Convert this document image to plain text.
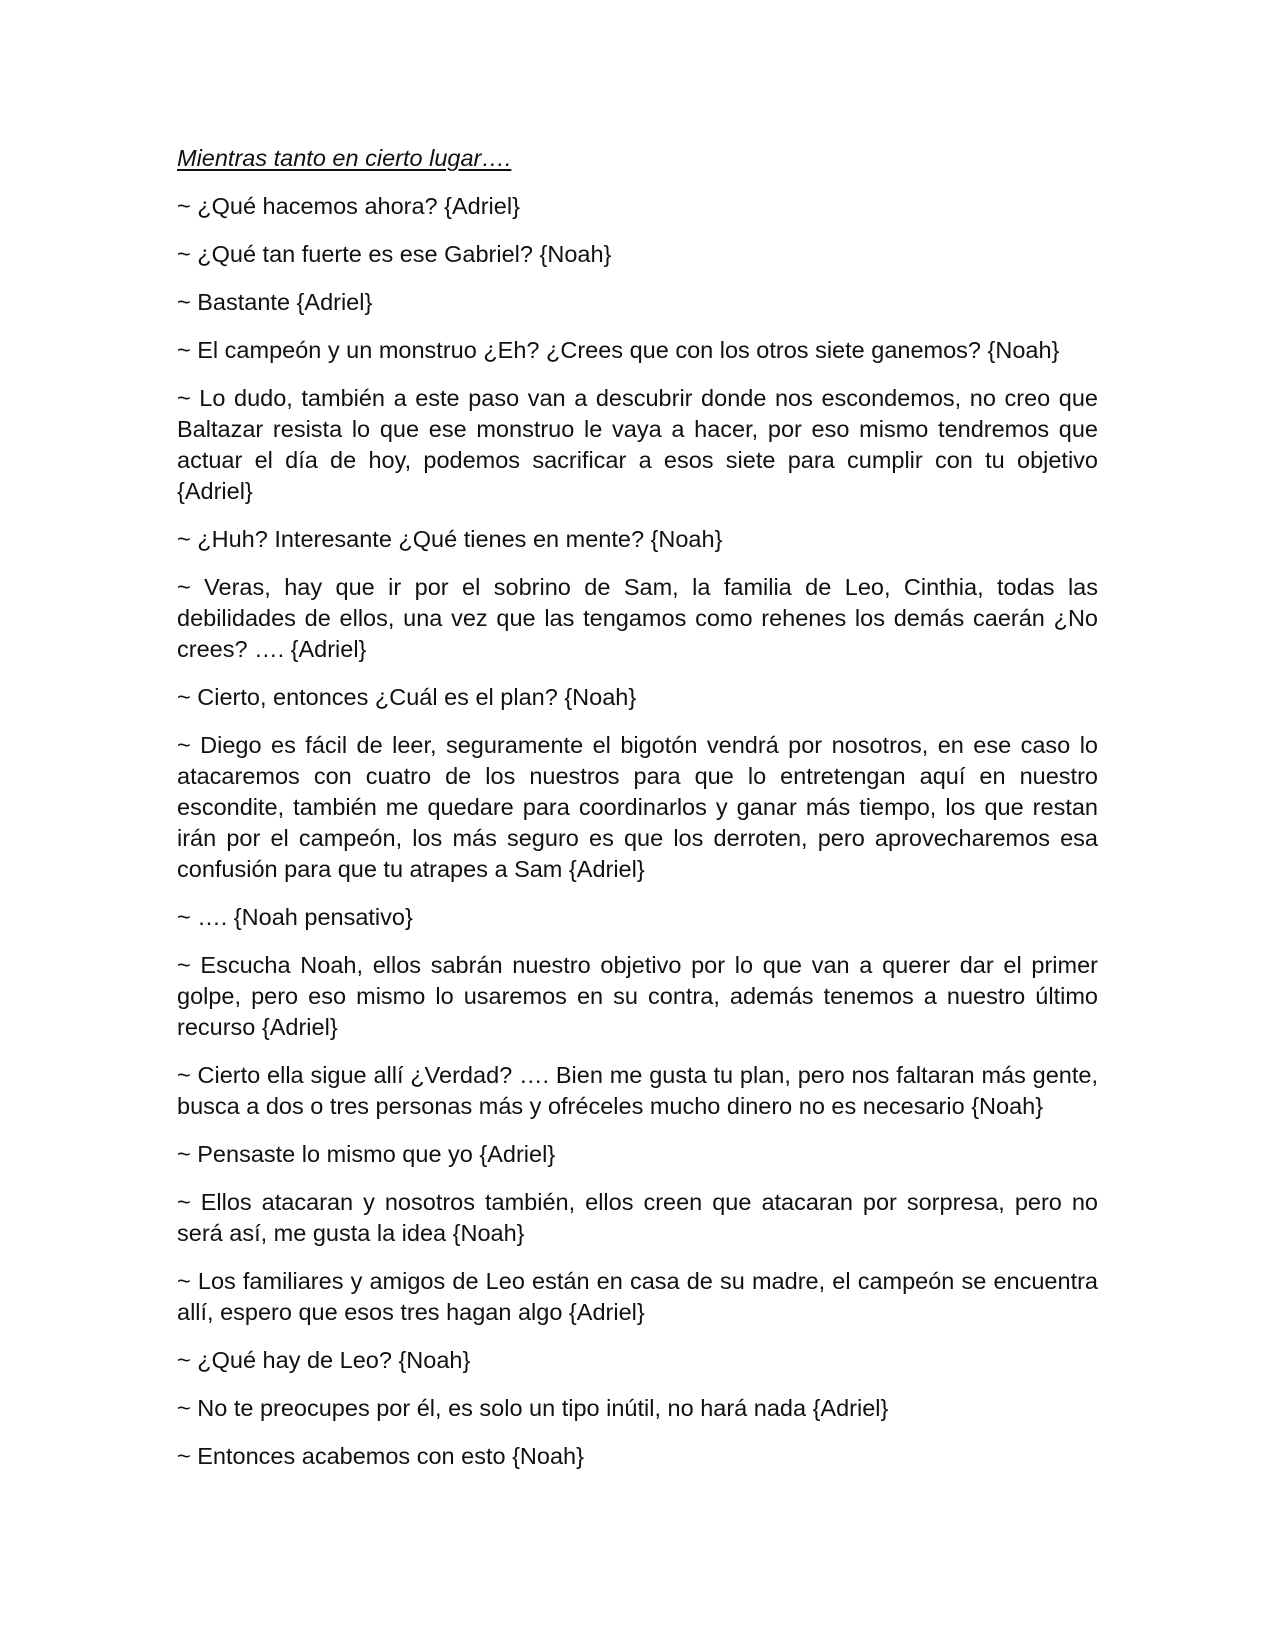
Mientras tanto en cierto lugar….

~ ¿Qué hacemos ahora? {Adriel}

~ ¿Qué tan fuerte es ese Gabriel? {Noah}

~ Bastante {Adriel}

~ El campeón y un monstruo ¿Eh? ¿Crees que con los otros siete ganemos? {Noah}

~ Lo dudo, también a este paso van a descubrir donde nos escondemos, no creo que Baltazar resista lo que ese monstruo le vaya a hacer, por eso mismo tendremos que actuar el día de hoy, podemos sacrificar a esos siete para cumplir con tu objetivo {Adriel}

~ ¿Huh? Interesante ¿Qué tienes en mente? {Noah}

~ Veras, hay que ir por el sobrino de Sam, la familia de Leo, Cinthia, todas las debilidades de ellos, una vez que las tengamos como rehenes los demás caerán ¿No crees? …. {Adriel}

~ Cierto, entonces ¿Cuál es el plan? {Noah}

~ Diego es fácil de leer, seguramente el bigotón vendrá por nosotros, en ese caso lo atacaremos con cuatro de los nuestros para que lo entretengan aquí en nuestro escondite, también me quedare para coordinarlos y ganar más tiempo, los que restan irán por el campeón, los más seguro es que los derroten, pero aprovecharemos esa confusión para que tu atrapes a Sam {Adriel}

~ …. {Noah pensativo}

~ Escucha Noah, ellos sabrán nuestro objetivo por lo que van a querer dar el primer golpe, pero eso mismo lo usaremos en su contra, además tenemos a nuestro último recurso {Adriel}

~ Cierto ella sigue allí ¿Verdad? …. Bien me gusta tu plan, pero nos faltaran más gente, busca a dos o tres personas más y ofréceles mucho dinero no es necesario {Noah}

~ Pensaste lo mismo que yo {Adriel}

~ Ellos atacaran y nosotros también, ellos creen que atacaran por sorpresa, pero no será así, me gusta la idea {Noah}

~ Los familiares y amigos de Leo están en casa de su madre, el campeón se encuentra allí, espero que esos tres hagan algo {Adriel}

~ ¿Qué hay de Leo? {Noah}

~ No te preocupes por él, es solo un tipo inútil, no hará nada {Adriel}

~ Entonces acabemos con esto {Noah}
